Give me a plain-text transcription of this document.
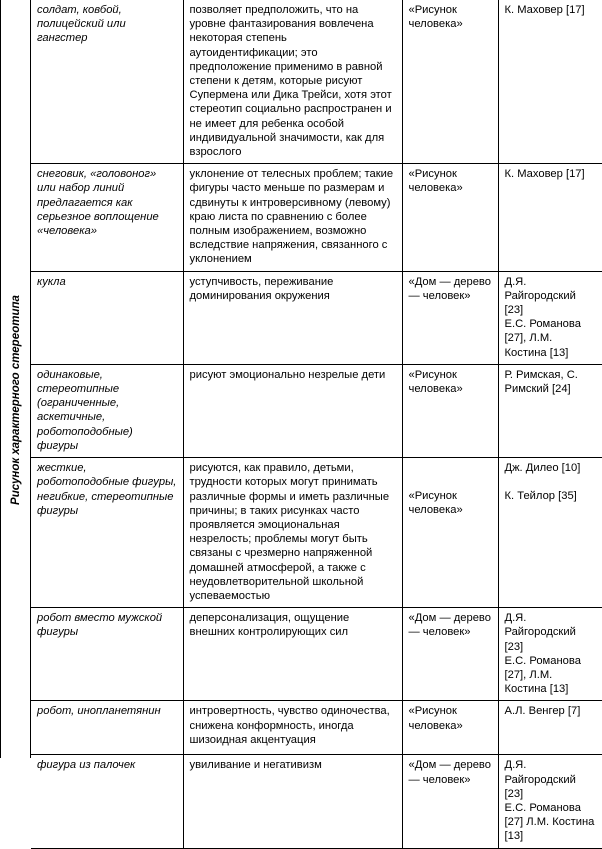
Рисунок характерного стереотипа
солдат, ковбой, полицейский или гангстер	позволяет предположить, что на уровне фантазирования вовлечена некоторая степень аутоидентификации; это предположение применимо в равной степени к детям, которые рисуют Супермена или Дика Трейси, хотя этот стереотип социально распространен и не имеет для ребенка особой индивидуальной значимости, как для взрослого	«Рисунок человека»	К. Маховер [17]

снеговик, «головоног» или набор линий предлагается как серьезное воплощение «человека»	уклонение от телесных проблем; такие фигуры часто меньше по размерам и сдвинуты к интроверсивному (левому) краю листа по сравнению с более полным изображением, возможно вследствие напряжения, связанного с уклонением	«Рисунок человека»	К. Маховер [17]

кукла	уступчивость, переживание доминирования окружения	«Дом — дерево — человек»	Д.Я. Райгородский [23]
Е.С. Романова [27], Л.М. Костина [13]

одинаковые, стереотипные (ограниченные, аскетичные, роботоподобные) фигуры	рисуют эмоционально незрелые дети	«Рисунок человека»	Р. Римская, С. Римский [24]

жесткие, роботоподобные фигуры, негибкие, стереотипные фигуры	рисуются, как правило, детьми, трудности которых могут принимать различные формы и иметь различные причины; в таких рисунках часто проявляется эмоциональная незрелость; проблемы могут быть связаны с чрезмерно напряженной домашней атмосферой, а также с неудовлетворительной школьной успеваемостью	«Рисунок человека»	Дж. Дилео [10]
К. Тейлор [35]

робот вместо мужской фигуры	деперсонализация, ощущение внешних контролирующих сил	«Дом — дерево — человек»	Д.Я. Райгородский [23]
Е.С. Романова [27], Л.М. Костина [13]

робот, инопланетянин	интровертность, чувство одиночества, снижена конформность, иногда шизоидная акцентуация	«Рисунок человека»	А.Л. Венгер [7]

фигура из палочек	увиливание и негативизм	«Дом — дерево — человек»	Д.Я. Райгородский [23]
Е.С. Романова [27] Л.М. Костина [13]
